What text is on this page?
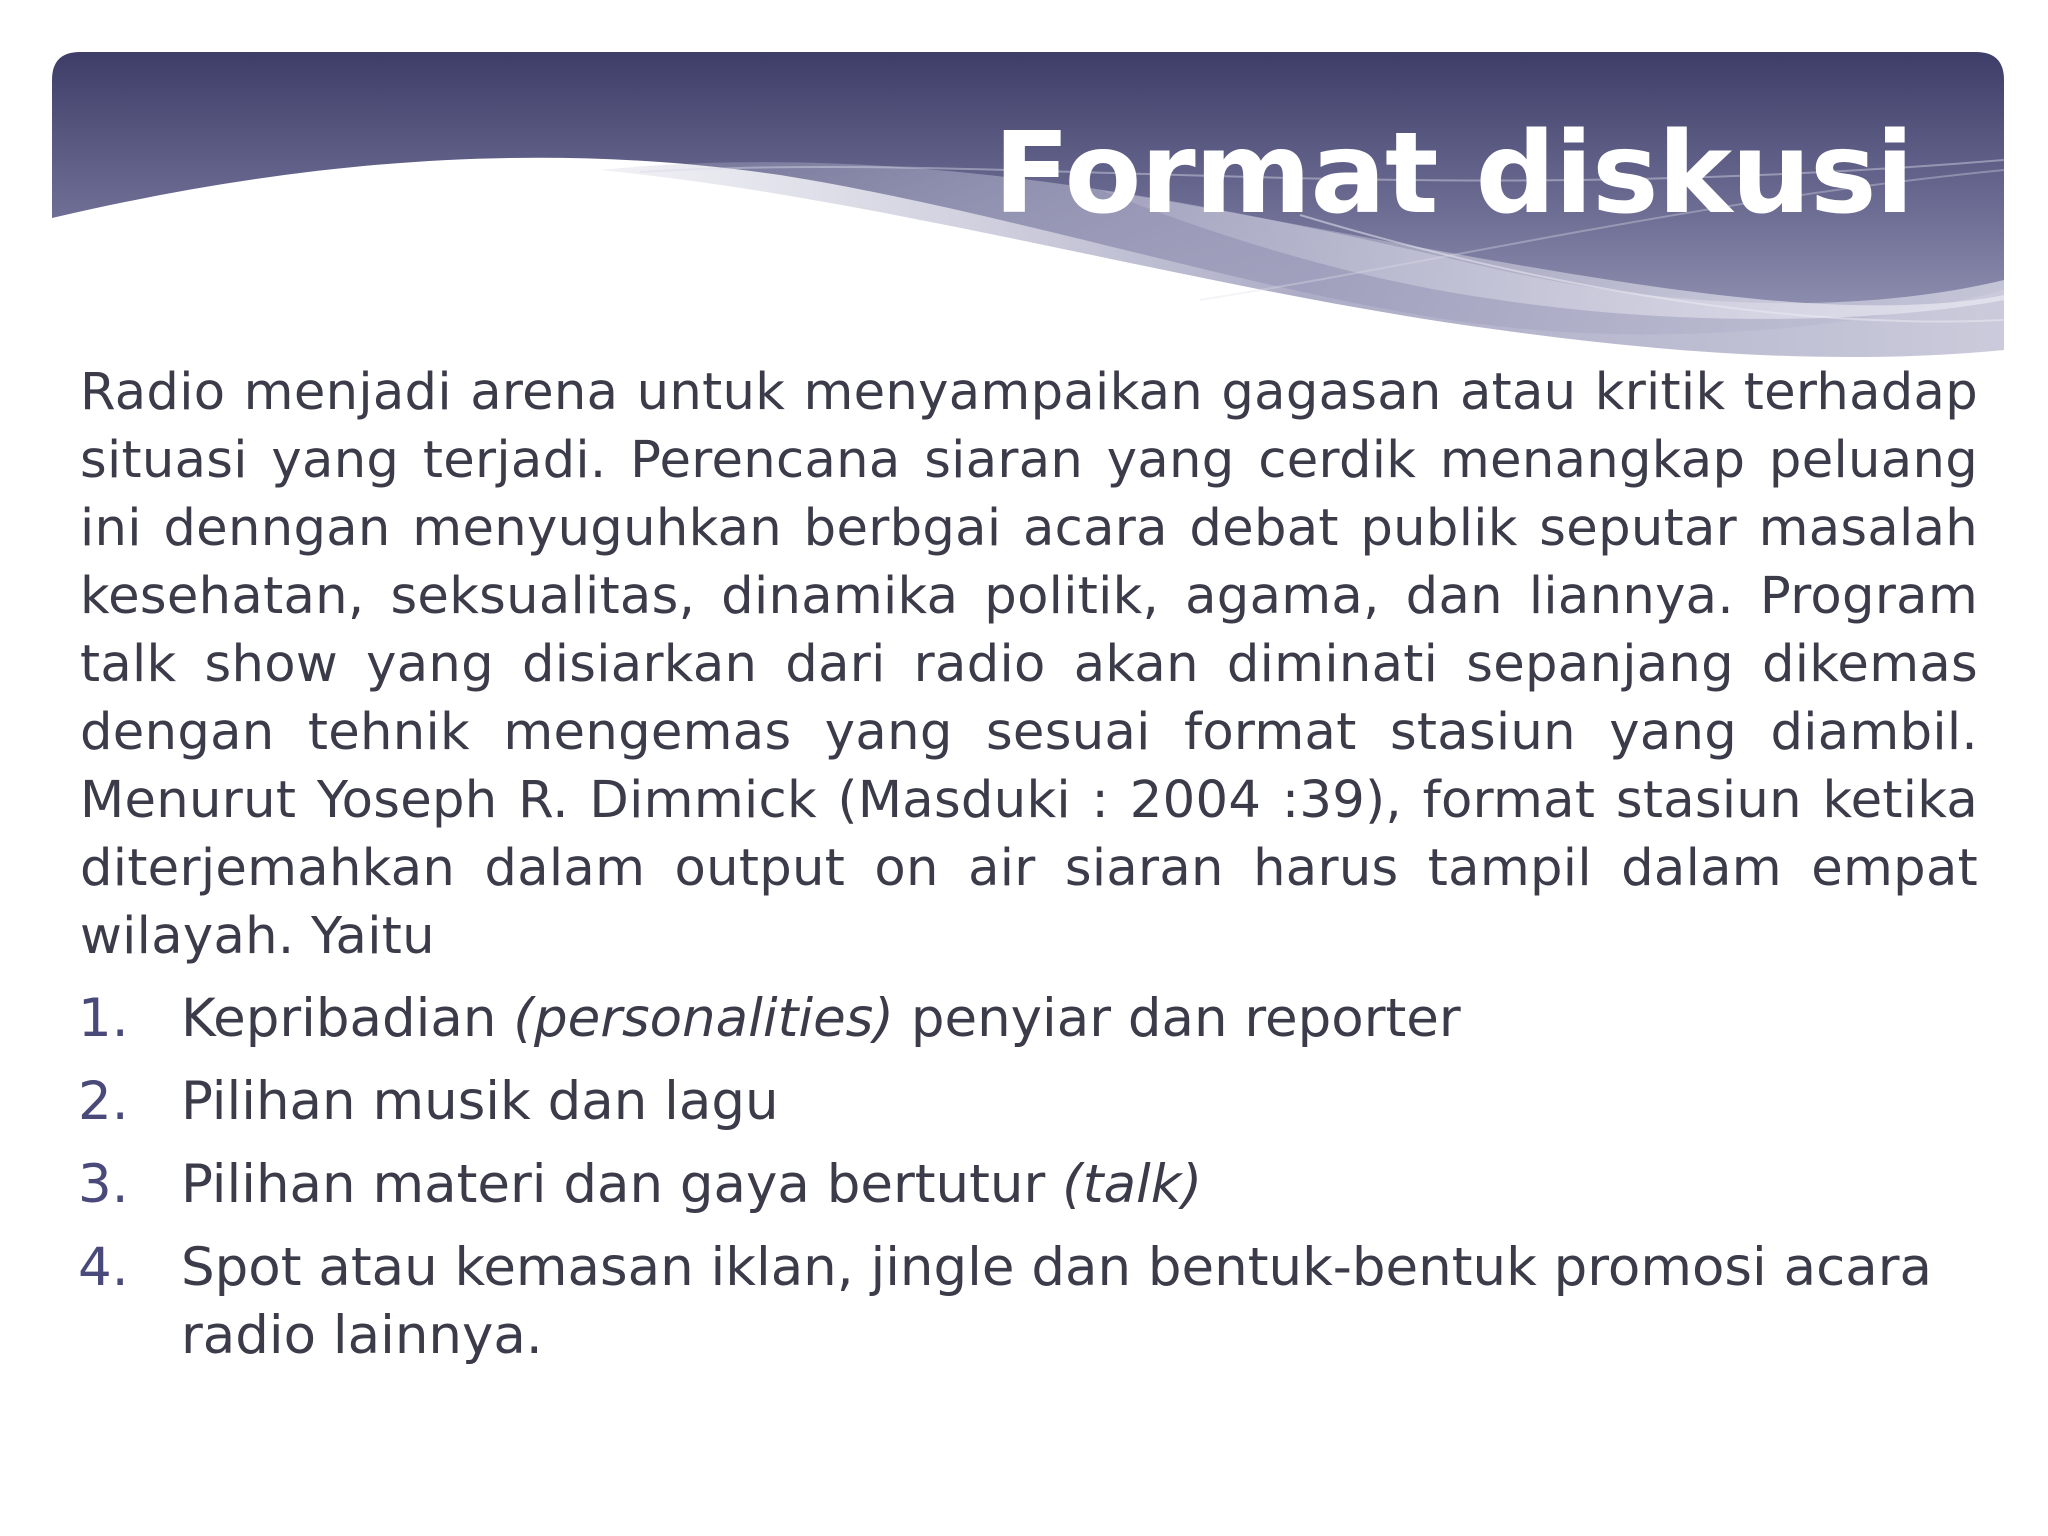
Format diskusi

Radio menjadi arena untuk menyampaikan gagasan atau kritik terhadap situasi yang terjadi. Perencana siaran yang cerdik menangkap peluang ini denngan menyuguhkan berbgai acara debat publik seputar masalah kesehatan, seksualitas, dinamika politik, agama, dan liannya. Program talk show yang disiarkan dari radio akan diminati sepanjang dikemas dengan tehnik mengemas yang sesuai format stasiun yang diambil. Menurut Yoseph R. Dimmick (Masduki : 2004 :39), format stasiun ketika diterjemahkan dalam output on air siaran harus tampil dalam empat wilayah. Yaitu

1. Kepribadian (personalities) penyiar dan reporter
2. Pilihan musik dan lagu
3. Pilihan materi dan gaya bertutur (talk)
4. Spot atau kemasan iklan, jingle dan bentuk-bentuk promosi acara radio lainnya.
